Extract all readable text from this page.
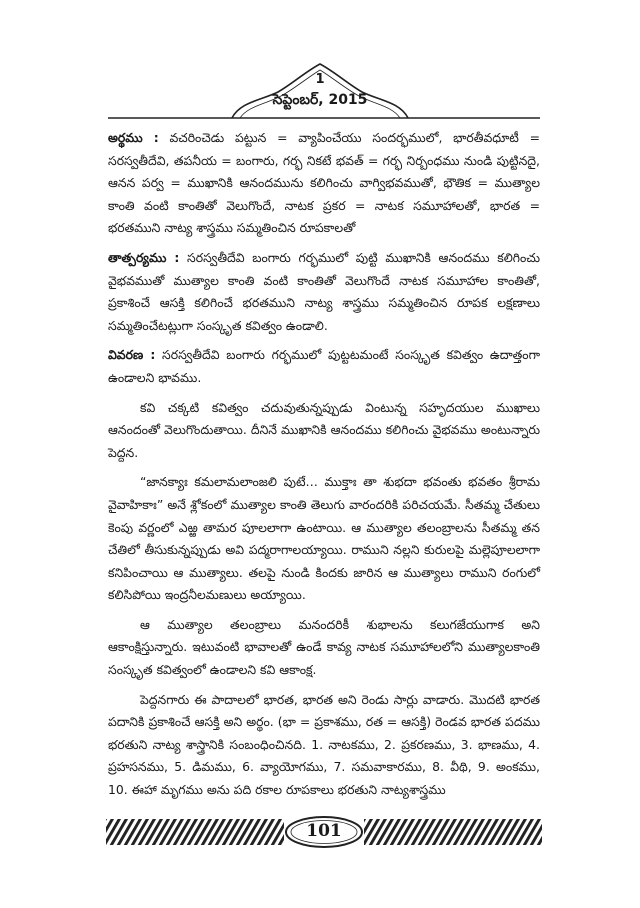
1
సెప్టెంబర్, 2015

అర్థము : వచరించెడు పట్టున = వ్యాపించేయు సందర్భములో, భారతీవధూటీ = సరస్వతీదేవి, తపనీయ = బంగారు, గర్భ నికటే భవత్ = గర్భ నిర్బంధము నుండి పుట్టినదై, ఆనన పర్వ = ముఖానికి ఆనందమును కలిగించు వాగ్విభవముతో, భౌతిక = ముత్యాల కాంతి వంటి కాంతితో వెలుగొందే, నాటక ప్రకర = నాటక సమూహాలతో, భారత = భరతముని నాట్య శాస్త్రము సమ్మతించిన రూపకాలతో

తాత్పర్యము : సరస్వతీదేవి బంగారు గర్భములో పుట్టి ముఖానికి ఆనందము కలిగించు వైభవముతో ముత్యాల కాంతి వంటి కాంతితో వెలుగొందే నాటక సమూహాల కాంతితో, ప్రకాశించే ఆసక్తి కలిగించే భరతముని నాట్య శాస్త్రము సమ్మతించిన రూపక లక్షణాలు సమ్మతించేటట్లుగా సంస్కృత కవిత్వం ఉండాలి.

వివరణ : సరస్వతీదేవి బంగారు గర్భములో పుట్టటమంటే సంస్కృత కవిత్వం ఉదాత్తంగా ఉండాలని భావము.

కవి చక్కటి కవిత్వం చదువుతున్నప్పుడు వింటున్న సహృదయుల ముఖాలు ఆనందంతో వెలుగొందుతాయి. దీనినే ముఖానికి ఆనందము కలిగించు వైభవము అంటున్నారు పెద్దన.

“జానక్యాః కమలామలాంజలి పుటే… ముక్తాః తా శుభదా భవంతు భవతం శ్రీరామ వైవాహికాః” అనే శ్లోకంలో ముత్యాల కాంతి తెలుగు వారందరికి పరిచయమే. సీతమ్మ చేతులు కెంపు వర్ణంలో ఎఱ్ఱ తామర పూలలాగా ఉంటాయి. ఆ ముత్యాల తలంబ్రాలను సీతమ్మ తన చేతిలో తీసుకున్నప్పుడు అవి పద్మరాగాలయ్యాయి. రాముని నల్లని కురులపై మల్లెపూలలాగా కనిపించాయి ఆ ముత్యాలు. తలపై నుండి కిందకు జారిన ఆ ముత్యాలు రాముని రంగులో కలిసిపోయి ఇంద్రనీలమణులు అయ్యాయి.

ఆ ముత్యాల తలంబ్రాలు మనందరికీ శుభాలను కలుగజేయుగాక అని ఆకాంక్షిస్తున్నారు. ఇటువంటి భావాలతో ఉండే కావ్య నాటక సమూహాలలోని ముత్యాలకాంతి సంస్కృత కవిత్వంలో ఉండాలని కవి ఆకాంక్ష.

పెద్దనగారు ఈ పాదాలలో భారత, భారత అని రెండు సార్లు వాడారు. మొదటి భారత పదానికి ప్రకాశించే ఆసక్తి అని అర్థం. (భా = ప్రకాశము, రత = ఆసక్తి) రెండవ భారత పదము భరతుని నాట్య శాస్త్రానికి సంబంధించినది. 1. నాటకము, 2. ప్రకరణము, 3. భాణము, 4. ప్రహసనము, 5. డిమము, 6. వ్యాయోగము, 7. సమవాకారము, 8. వీథి, 9. అంకము, 10. ఈహా మృగము అను పది రకాల రూపకాలు భరతుని నాట్యశాస్త్రము

101
